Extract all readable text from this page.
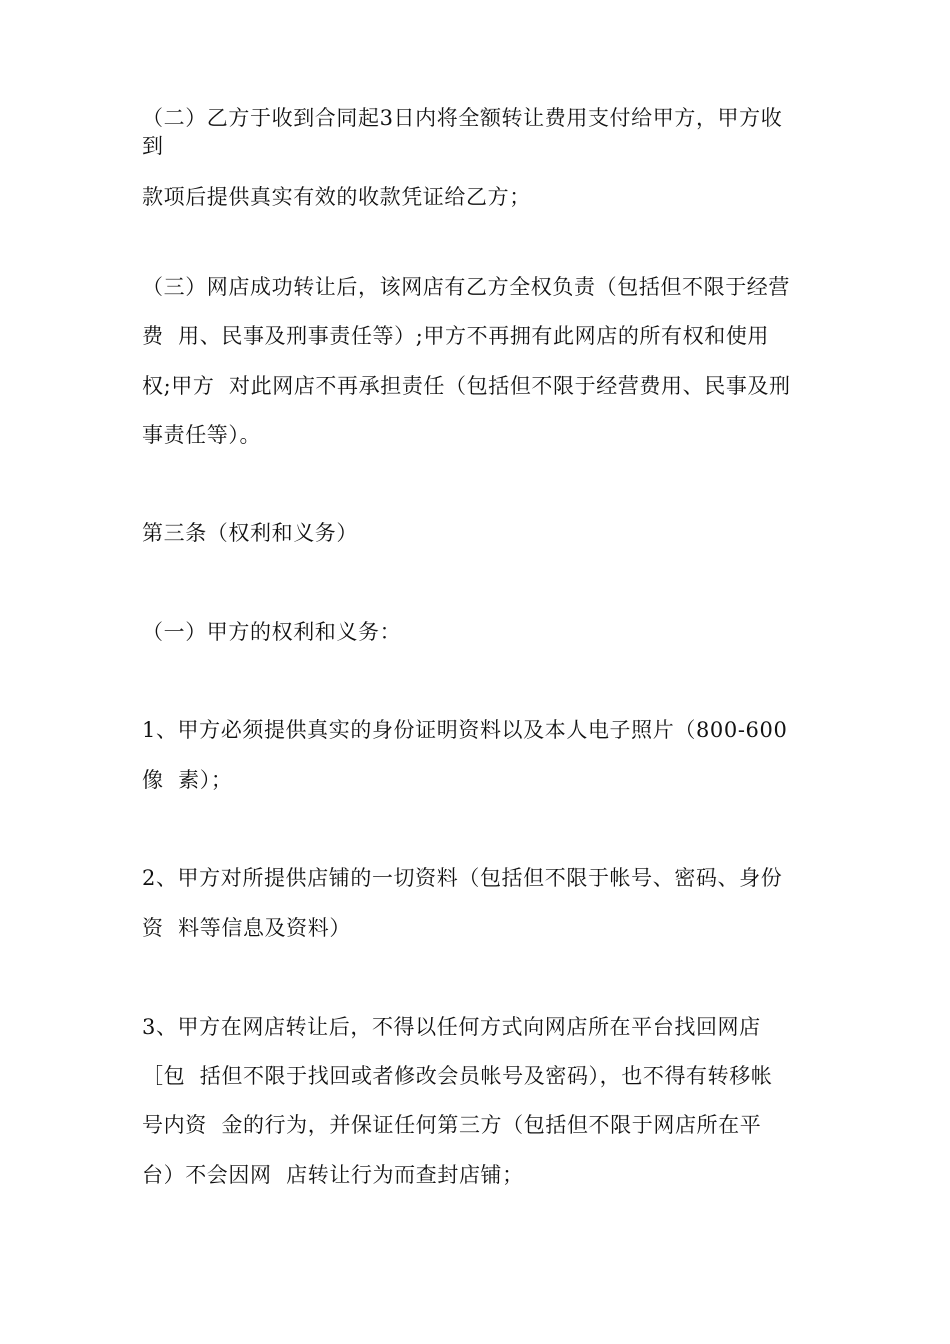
（二）乙方于收到合同起3日内将全额转让费用支付给甲方，甲方收

到

款项后提供真实有效的收款凭证给乙方；

（三）网店成功转让后，该网店有乙方全权负责（包括但不限于经营

费  用、民事及刑事责任等）;甲方不再拥有此网店的所有权和使用

权;甲方  对此网店不再承担责任（包括但不限于经营费用、民事及刑

事责任等）。

第三条（权利和义务）

（一）甲方的权利和义务：

1、甲方必须提供真实的身份证明资料以及本人电子照片（800-600

像  素）；

2、甲方对所提供店铺的一切资料（包括但不限于帐号、密码、身份

资  料等信息及资料）

3、甲方在网店转让后，不得以任何方式向网店所在平台找回网店

［包  括但不限于找回或者修改会员帐号及密码），也不得有转移帐

号内资  金的行为，并保证任何第三方（包括但不限于网店所在平

台）不会因网  店转让行为而查封店铺；
